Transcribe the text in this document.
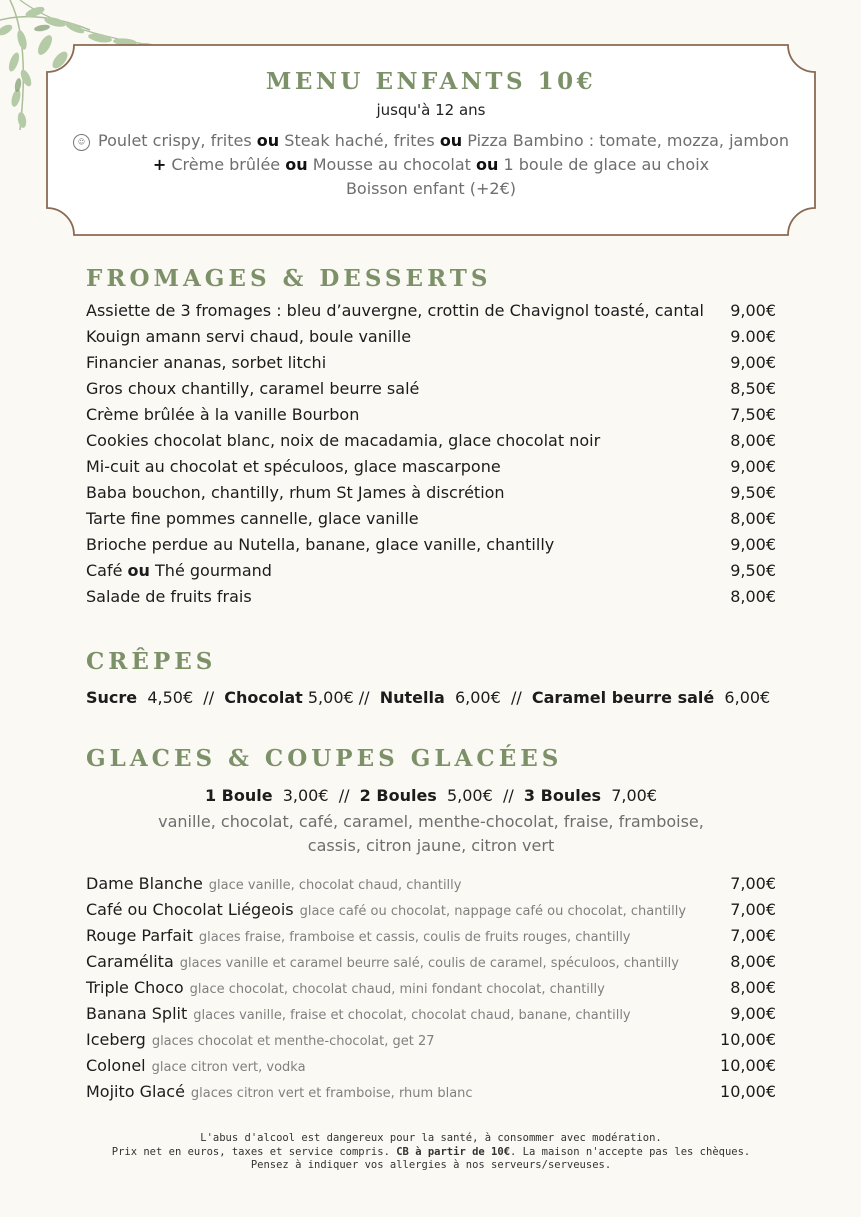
MENU ENFANTS 10€
jusqu'à 12 ans
☺ Poulet crispy, frites ou Steak haché, frites ou Pizza Bambino : tomate, mozza, jambon
+ Crème brûlée ou Mousse au chocolat ou 1 boule de glace au choix
Boisson enfant (+2€)
FROMAGES & DESSERTS
Assiette de 3 fromages : bleu d’auvergne, crottin de Chavignol toasté, cantal 9,00€
Kouign amann servi chaud, boule vanille	9.00€
Financier ananas, sorbet litchi	9,00€
Gros choux chantilly, caramel beurre salé	8,50€
Crème brûlée à la vanille Bourbon	7,50€
Cookies chocolat blanc, noix de macadamia, glace chocolat noir	8,00€
Mi-cuit au chocolat et spéculoos, glace mascarpone	9,00€
Baba bouchon, chantilly, rhum St James à discrétion	9,50€
Tarte fine pommes cannelle, glace vanille	8,00€
Brioche perdue au Nutella, banane, glace vanille, chantilly	9,00€
Café ou Thé gourmand	9,50€
Salade de fruits frais	8,00€
CRÊPES
Sucre 4,50€ // Chocolat 5,00€ // Nutella 6,00€ // Caramel beurre salé 6,00€
GLACES & COUPES GLACÉES
1 Boule 3,00€ // 2 Boules 5,00€ // 3 Boules 7,00€
vanille, chocolat, café, caramel, menthe-chocolat, fraise, framboise,
cassis, citron jaune, citron vert
Dame Blanche glace vanille, chocolat chaud, chantilly	7,00€
Café ou Chocolat Liégeois glace café ou chocolat, nappage café ou chocolat, chantilly	7,00€
Rouge Parfait glaces fraise, framboise et cassis, coulis de fruits rouges, chantilly	7,00€
Caramélita glaces vanille et caramel beurre salé, coulis de caramel, spéculoos, chantilly	8,00€
Triple Choco glace chocolat, chocolat chaud, mini fondant chocolat, chantilly	8,00€
Banana Split glaces vanille, fraise et chocolat, chocolat chaud, banane, chantilly	9,00€
Iceberg glaces chocolat et menthe-chocolat, get 27	10,00€
Colonel glace citron vert, vodka	10,00€
Mojito Glacé glaces citron vert et framboise, rhum blanc	10,00€
L'abus d'alcool est dangereux pour la santé, à consommer avec modération.
Prix net en euros, taxes et service compris. CB à partir de 10€. La maison n'accepte pas les chèques.
Pensez à indiquer vos allergies à nos serveurs/serveuses.
